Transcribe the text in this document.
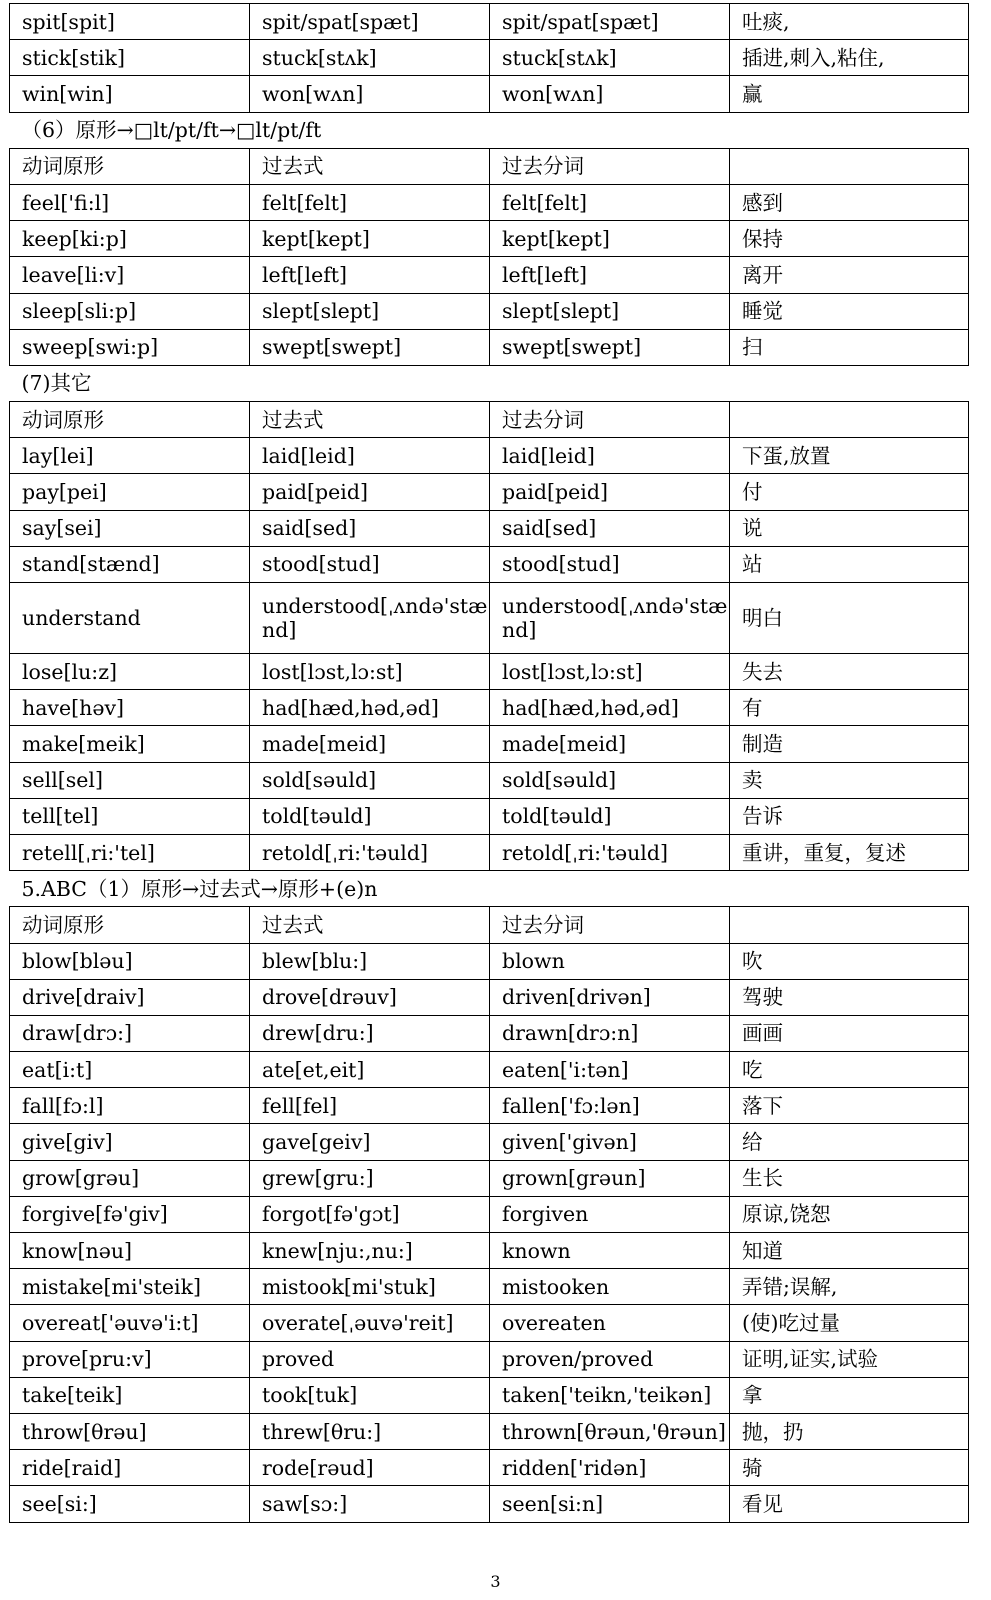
spit[spit]	spit/spat[spæt]	spit/spat[spæt]	吐痰,
stick[stik]	stuck[stʌk]	stuck[stʌk]	插进,刺入,粘住,
win[win]	won[wʌn]	won[wʌn]	赢
（6）原形→□lt/pt/ft→□lt/pt/ft			
动词原形	过去式	过去分词	
feel['fi:l]	felt[felt]	felt[felt]	感到
keep[ki:p]	kept[kept]	kept[kept]	保持
leave[li:v]	left[left]	left[left]	离开
sleep[sli:p]	slept[slept]	slept[slept]	睡觉
sweep[swi:p]	swept[swept]	swept[swept]	扫
(7)其它			
动词原形	过去式	过去分词	
lay[lei]	laid[leid]	laid[leid]	下蛋,放置
pay[pei]	paid[peid]	paid[peid]	付
say[sei]	said[sed]	said[sed]	说
stand[stænd]	stood[stud]	stood[stud]	站
understand	understood[ˌʌndə'stænd]	understood[ˌʌndə'stænd]	明白
lose[lu:z]	lost[lɔst,lɔ:st]	lost[lɔst,lɔ:st]	失去
have[həv]	had[hæd,həd,əd]	had[hæd,həd,əd]	有
make[meik]	made[meid]	made[meid]	制造
sell[sel]	sold[səuld]	sold[səuld]	卖
tell[tel]	told[təuld]	told[təuld]	告诉
retell[ˌri:'tel]	retold[ˌri:'təuld]	retold[ˌri:'təuld]	重讲，重复，复述
5.ABC（1）原形→过去式→原形+(e)n			
动词原形	过去式	过去分词	
blow[bləu]	blew[blu:]	blown	吹
drive[draiv]	drove[drəuv]	driven[drivən]	驾驶
draw[drɔ:]	drew[dru:]	drawn[drɔ:n]	画画
eat[i:t]	ate[et,eit]	eaten['i:tən]	吃
fall[fɔ:l]	fell[fel]	fallen['fɔ:lən]	落下
give[giv]	gave[geiv]	given['givən]	给
grow[grəu]	grew[gru:]	grown[grəun]	生长
forgive[fə'giv]	forgot[fə'gɔt]	forgiven	原谅,饶恕
know[nəu]	knew[nju:,nu:]	known	知道
mistake[mi'steik]	mistook[mi'stuk]	mistooken	弄错;误解,
overeat['əuvə'i:t]	overate[ˌəuvə'reit]	overeaten	(使)吃过量
prove[pru:v]	proved	proven/proved	证明,证实,试验
take[teik]	took[tuk]	taken['teikn,'teikən]	拿
throw[θrəu]	threw[θru:]	thrown[θrəun,'θrəun]	抛，扔
ride[raid]	rode[rəud]	ridden['ridən]	骑
see[si:]	saw[sɔ:]	seen[si:n]	看见
3
